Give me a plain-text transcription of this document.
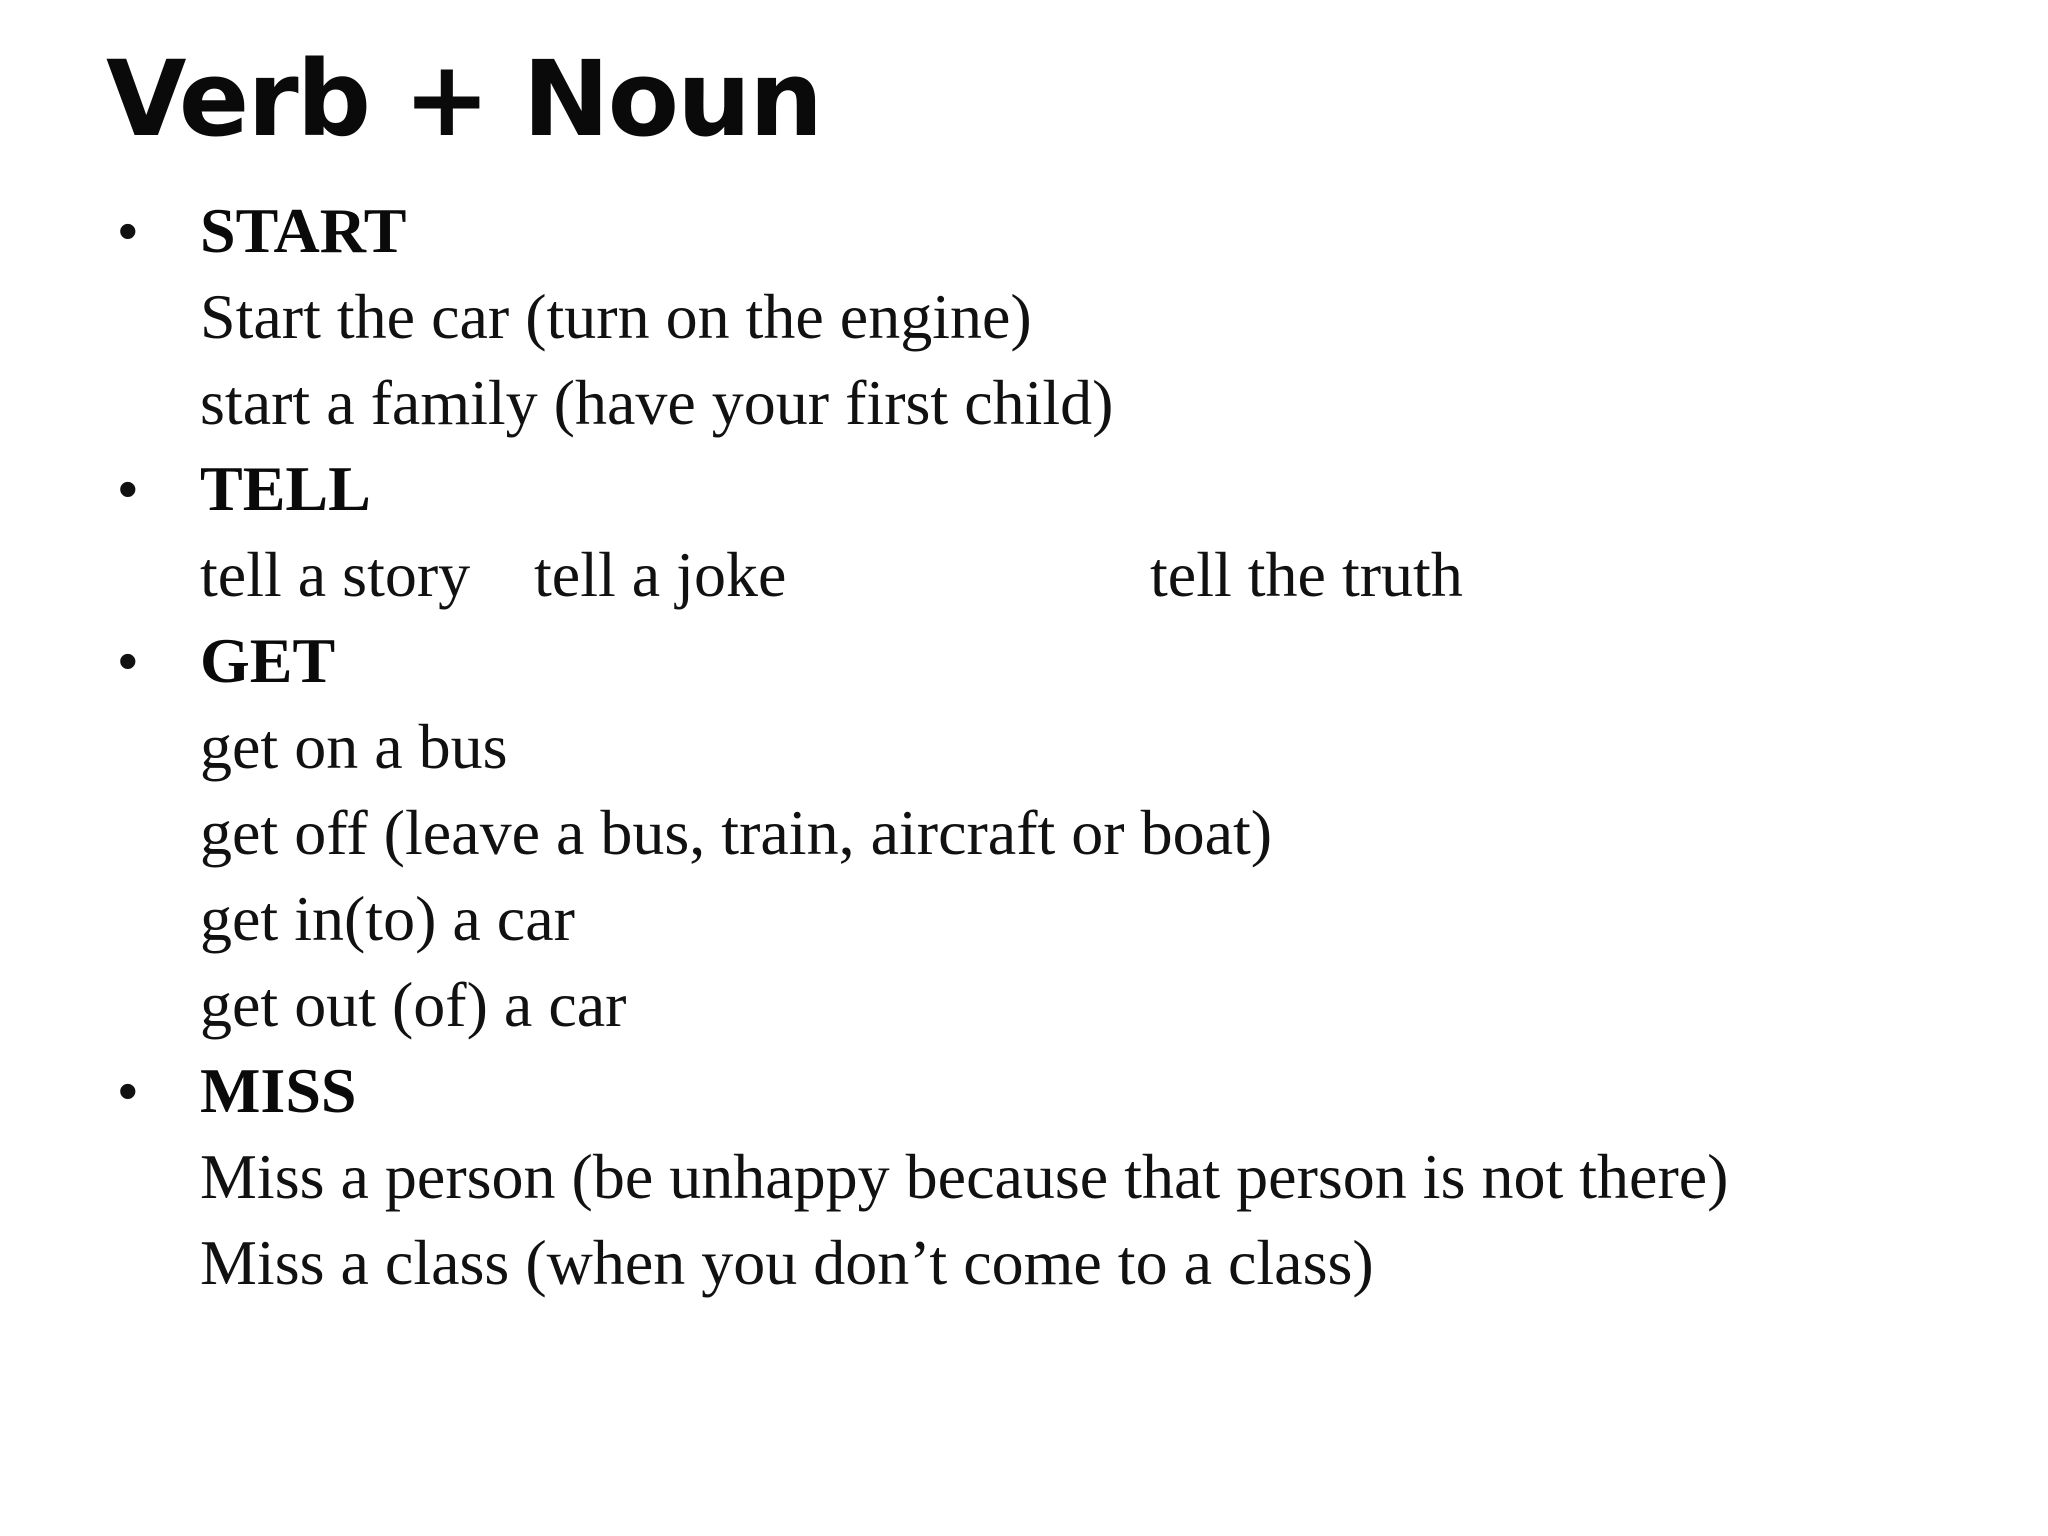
Verb + Noun
• START
Start the car (turn on the engine)
start a family (have your first child)
• TELL
tell a story tell a joke	tell the truth
• GET
get on a bus
get off (leave a bus, train, aircraft or boat)
get in(to) a car
get out (of) a car
• MISS
Miss a person (be unhappy because that person is not there)
Miss a class (when you don’t come to a class)
